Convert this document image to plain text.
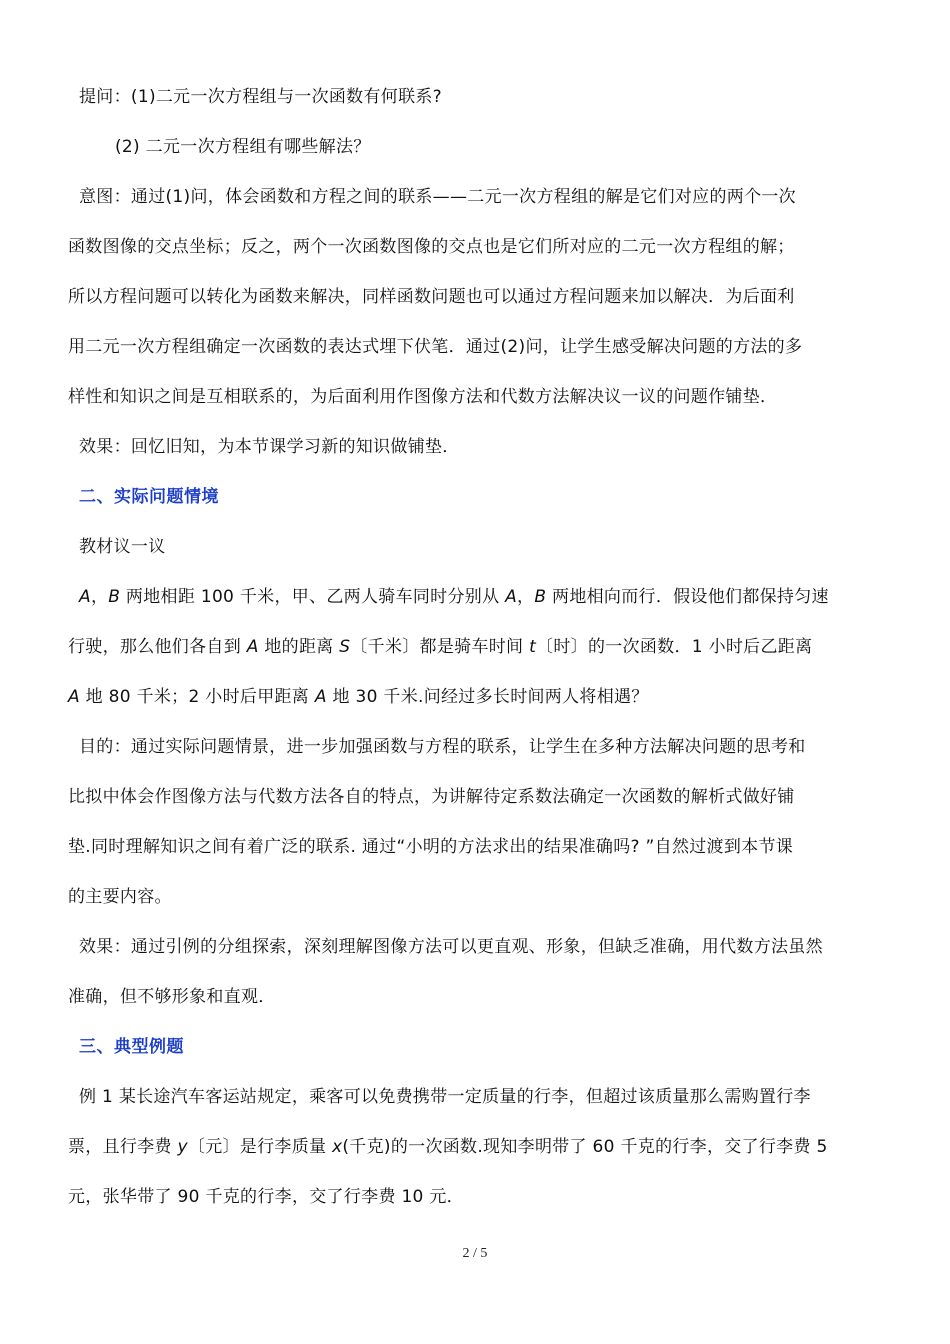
提问：(1)二元一次方程组与一次函数有何联系?
(2) 二元一次方程组有哪些解法？
意图：通过(1)问，体会函数和方程之间的联系——二元一次方程组的解是它们对应的两个一次
函数图像的交点坐标；反之，两个一次函数图像的交点也是它们所对应的二元一次方程组的解；
所以方程问题可以转化为函数来解决，同样函数问题也可以通过方程问题来加以解决．为后面利
用二元一次方程组确定一次函数的表达式埋下伏笔．通过(2)问，让学生感受解决问题的方法的多
样性和知识之间是互相联系的，为后面利用作图像方法和代数方法解决议一议的问题作铺垫．
效果：回忆旧知，为本节课学习新的知识做铺垫．
二、实际问题情境
教材议一议
A，B 两地相距 100 千米，甲、乙两人骑车同时分别从 A，B 两地相向而行．假设他们都保持匀速
行驶，那么他们各自到 A 地的距离 S〔千米〕都是骑车时间 t〔时〕的一次函数．1 小时后乙距离
A 地 80 千米；2 小时后甲距离 A 地 30 千米.问经过多长时间两人将相遇？
目的：通过实际问题情景，进一步加强函数与方程的联系，让学生在多种方法解决问题的思考和
比拟中体会作图像方法与代数方法各自的特点，为讲解待定系数法确定一次函数的解析式做好铺
垫.同时理解知识之间有着广泛的联系. 通过“小明的方法求出的结果准确吗? ”自然过渡到本节课
的主要内容。
效果：通过引例的分组探索，深刻理解图像方法可以更直观、形象，但缺乏准确，用代数方法虽然
准确，但不够形象和直观．
三、典型例题
例 1 某长途汽车客运站规定，乘客可以免费携带一定质量的行李，但超过该质量那么需购置行李
票，且行李费 y〔元〕是行李质量 x(千克)的一次函数.现知李明带了 60 千克的行李，交了行李费 5
元，张华带了 90 千克的行李，交了行李费 10 元．
2 / 5
